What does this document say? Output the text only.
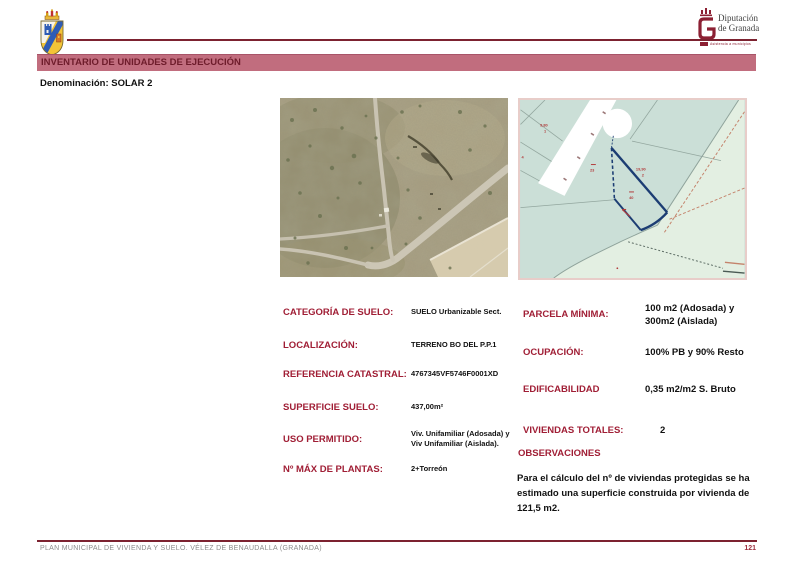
Diputación
de Granada
Asistencia a municipios
INVENTARIO DE UNIDADES DE EJECUCIÓN
Denominación: SOLAR 2
9,80
1
4
23	19,90
2
40
CATEGORÍA DE SUELO:	SUELO Urbanizable Sect.
LOCALIZACIÓN:	TERRENO BO DEL P.P.1
REFERENCIA CATASTRAL: 4767345VF5746F0001XD
SUPERFICIE SUELO:	437,00m²
USO PERMITIDO:
Viv. Unifamiliar (Adosada) y Viv Unifamiliar (Aislada).
Nº MÁX DE PLANTAS:	2+Torreón
PARCELA MÍNIMA:
100 m2 (Adosada) y 300m2 (Aislada)
OCUPACIÓN:	100% PB y 90% Resto
EDIFICABILIDAD	0,35 m2/m2 S. Bruto
VIVIENDAS TOTALES:	2
OBSERVACIONES
Para el cálculo del nº de viviendas protegidas se ha estimado una superficie construida por vivienda de 121,5 m2.
PLAN MUNICIPAL DE VIVIENDA Y SUELO. VÉLEZ DE BENAUDALLA (GRANADA)	121
